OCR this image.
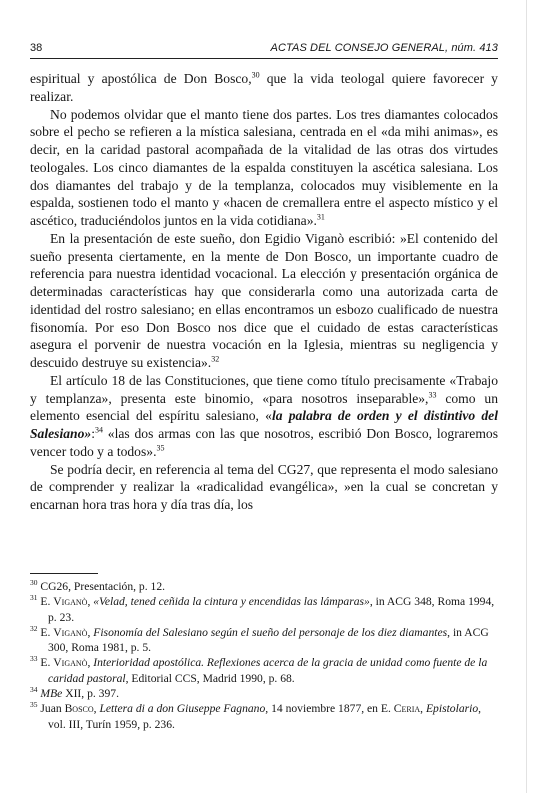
38	ACTAS DEL CONSEJO GENERAL, núm. 413

espiritual y apostólica de Don Bosco,$^{30}$ que la vida teologal quiere favorecer y realizar.

No podemos olvidar que el manto tiene dos partes. Los tres diamantes colocados sobre el pecho se refieren a la mística salesiana, centrada en el «da mihi animas», es decir, en la caridad pastoral acompañada de la vitalidad de las otras dos virtudes teologales. Los cinco diamantes de la espalda constituyen la ascética salesiana. Los dos diamantes del trabajo y de la templanza, colocados muy visiblemente en la espalda, sostienen todo el manto y «hacen de cremallera entre el aspecto místico y el ascético, traduciéndolos juntos en la vida cotidiana».$^{31}$

En la presentación de este sueño, don Egidio Viganò escribió: »El contenido del sueño presenta ciertamente, en la mente de Don Bosco, un importante cuadro de referencia para nuestra identidad vocacional. La elección y presentación orgánica de determinadas características hay que considerarla como una autorizada carta de identidad del rostro salesiano; en ellas encontramos un esbozo cualificado de nuestra fisonomía. Por eso Don Bosco nos dice que el cuidado de estas características asegura el porvenir de nuestra vocación en la Iglesia, mientras su negligencia y descuido destruye su existencia».$^{32}$

El artículo 18 de las Constituciones, que tiene como título precisamente «Trabajo y templanza», presenta este binomio, «para nosotros inseparable»,$^{33}$ como un elemento esencial del espíritu salesiano, «la palabra de orden y el distintivo del Salesiano»:$^{34}$ «las dos armas con las que nosotros, escribió Don Bosco, lograremos vencer todo y a todos».$^{35}$

Se podría decir, en referencia al tema del CG27, que representa el modo salesiano de comprender y realizar la «radicalidad evangélica», »en la cual se concretan y encarnan hora tras hora y día tras día, los

$^{30}$ CG26, Presentación, p. 12.

$^{31}$ E. Viganò, «Velad, tened ceñida la cintura y encendidas las lámparas», in ACG 348, Roma 1994, p. 23.

$^{32}$ E. Viganò, Fisonomía del Salesiano según el sueño del personaje de los diez diamantes, in ACG 300, Roma 1981, p. 5.

$^{33}$ E. Viganò, Interioridad apostólica. Reflexiones acerca de la gracia de unidad como fuente de la caridad pastoral, Editorial CCS, Madrid 1990, p. 68.

$^{34}$ MBe XII, p. 397.

$^{35}$ Juan Bosco, Lettera di a don Giuseppe Fagnano, 14 noviembre 1877, en E. Ceria, Epistolario, vol. III, Turín 1959, p. 236.
